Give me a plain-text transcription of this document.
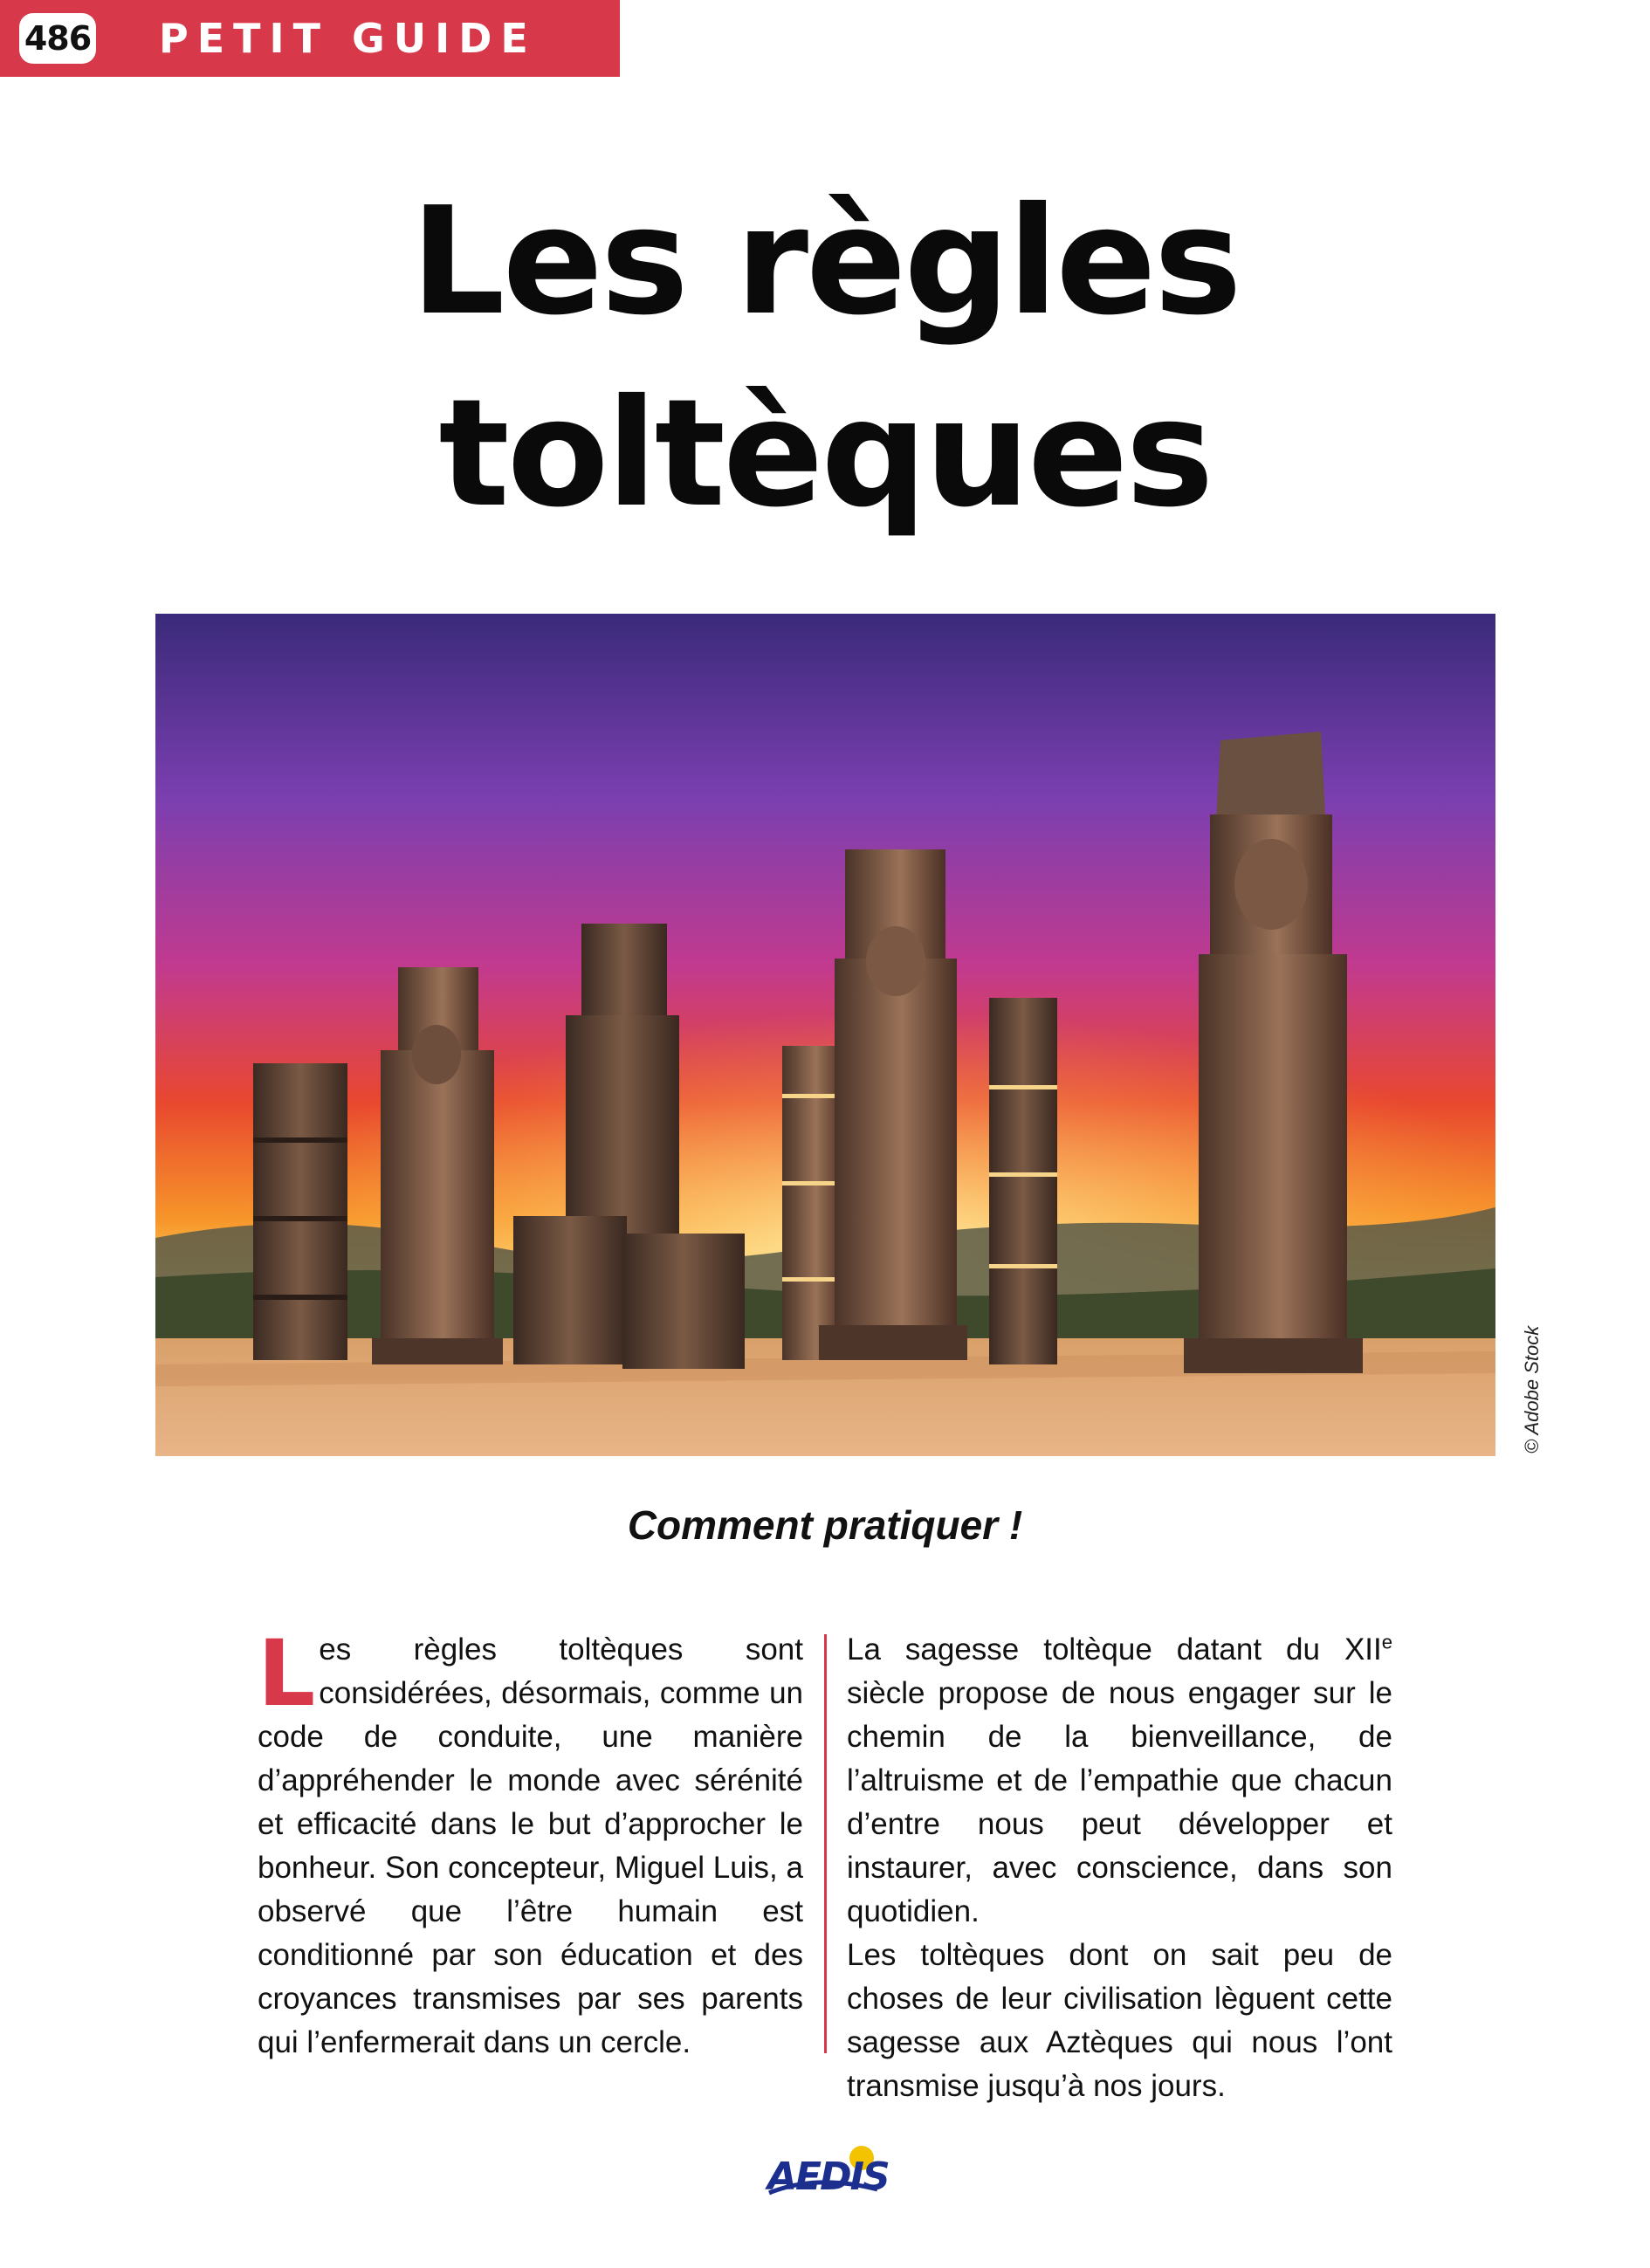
486 PETIT GUIDE
Les règles
toltèques
© Adobe Stock
Comment pratiquer !

Les règles toltèques sont considérées, désormais, comme un code de conduite, une manière d’appréhender le monde avec sérénité et efficacité dans le but d’approcher le bonheur. Son concepteur, Miguel Luis, a observé que l’être humain est conditionné par son éducation et des croyances transmises par ses parents qui l’enfermerait dans un cercle.

La sagesse toltèque datant du XIIe siècle propose de nous engager sur le chemin de la bienveillance, de l’altruisme et de l’empathie que chacun d’entre nous peut développer et instaurer, avec conscience, dans son quotidien.

Les toltèques dont on sait peu de choses de leur civilisation lèguent cette sagesse aux Aztèques qui nous l’ont transmise jusqu’à nos jours.

AEDIS
